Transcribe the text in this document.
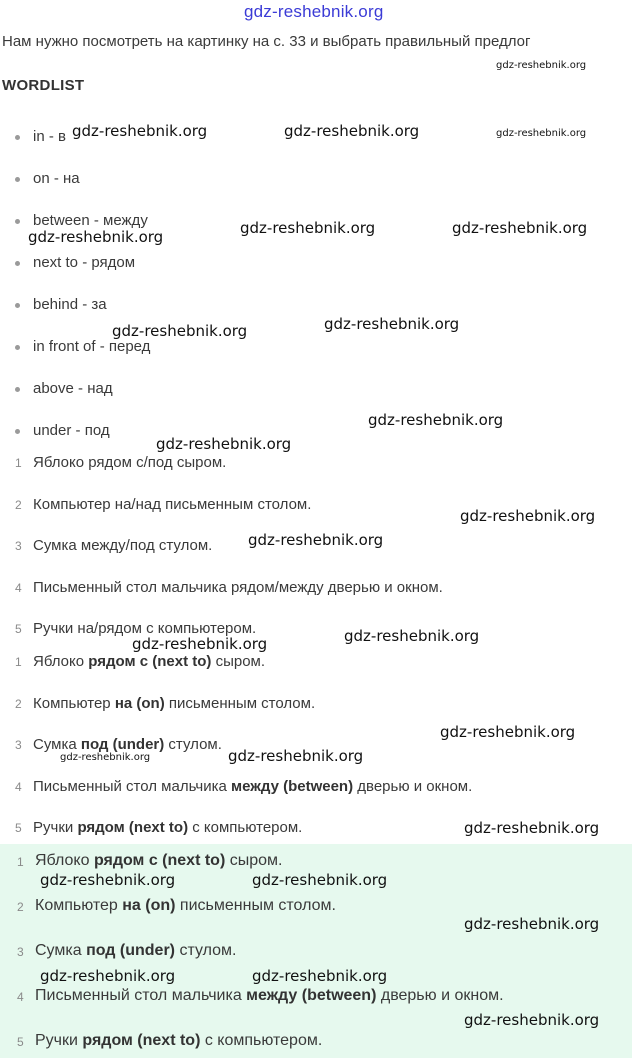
gdz-reshebnik.org
Нам нужно посмотреть на картинку на с. 33 и выбрать правильный предлог
WORDLIST
in - в
on - на
between - между
next to - рядом
behind - за
in front of - перед
above - над
under - под
1 Яблоко рядом с/под сыром.
2 Компьютер на/над письменным столом.
3 Сумка между/под стулом.
4 Письменный стол мальчика рядом/между дверью и окном.
5 Ручки на/рядом с компьютером.
1 Яблоко рядом с (next to) сыром.
2 Компьютер на (on) письменным столом.
3 Сумка под (under) стулом.
4 Письменный стол мальчика между (between) дверью и окном.
5 Ручки рядом (next to) с компьютером.
1 Яблоко рядом с (next to) сыром.
2 Компьютер на (on) письменным столом.
3 Сумка под (under) стулом.
4 Письменный стол мальчика между (between) дверью и окном.
5 Ручки рядом (next to) с компьютером.
gdz-reshebnik.org
gdz-reshebnik.org	gdz-reshebnik.org	gdz-reshebnik.org
gdz-reshebnik.org	gdz-reshebnik.org
gdz-reshebnik.org
gdz-reshebnik.org
gdz-reshebnik.org
gdz-reshebnik.org
gdz-reshebnik.org
gdz-reshebnik.org
gdz-reshebnik.org
gdz-reshebnik.org
gdz-reshebnik.org
gdz-reshebnik.org
gdz-reshebnik.org
gdz-reshebnik.org
gdz-reshebnik.org
gdz-reshebnik.org	gdz-reshebnik.org
gdz-reshebnik.org
gdz-reshebnik.org	gdz-reshebnik.org
gdz-reshebnik.org
